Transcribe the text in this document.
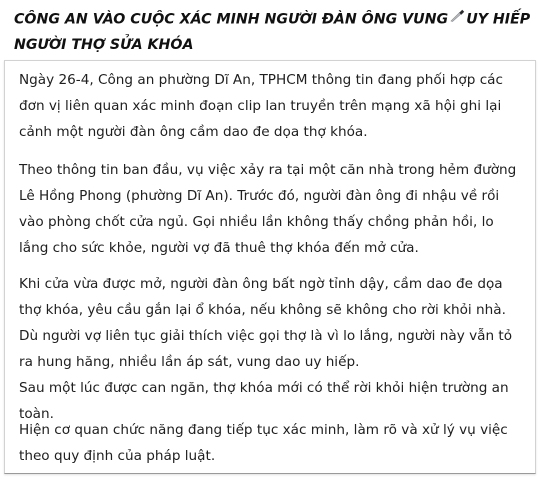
CÔNG AN VÀO CUỘC XÁC MINH NGƯỜI ĐÀN ÔNG VUNG UY HIẾP NGƯỜI THỢ SỬA KHÓA

Ngày 26-4, Công an phường Dĩ An, TPHCM thông tin đang phối hợp các đơn vị liên quan xác minh đoạn clip lan truyền trên mạng xã hội ghi lại cảnh một người đàn ông cầm dao đe dọa thợ khóa.

Theo thông tin ban đầu, vụ việc xảy ra tại một căn nhà trong hẻm đường Lê Hồng Phong (phường Dĩ An). Trước đó, người đàn ông đi nhậu về rồi vào phòng chốt cửa ngủ. Gọi nhiều lần không thấy chồng phản hồi, lo lắng cho sức khỏe, người vợ đã thuê thợ khóa đến mở cửa.

Khi cửa vừa được mở, người đàn ông bất ngờ tỉnh dậy, cầm dao đe dọa thợ khóa, yêu cầu gắn lại ổ khóa, nếu không sẽ không cho rời khỏi nhà. Dù người vợ liên tục giải thích việc gọi thợ là vì lo lắng, người này vẫn tỏ ra hung hăng, nhiều lần áp sát, vung dao uy hiếp.

Sau một lúc được can ngăn, thợ khóa mới có thể rời khỏi hiện trường an toàn.

Hiện cơ quan chức năng đang tiếp tục xác minh, làm rõ và xử lý vụ việc theo quy định của pháp luật.
